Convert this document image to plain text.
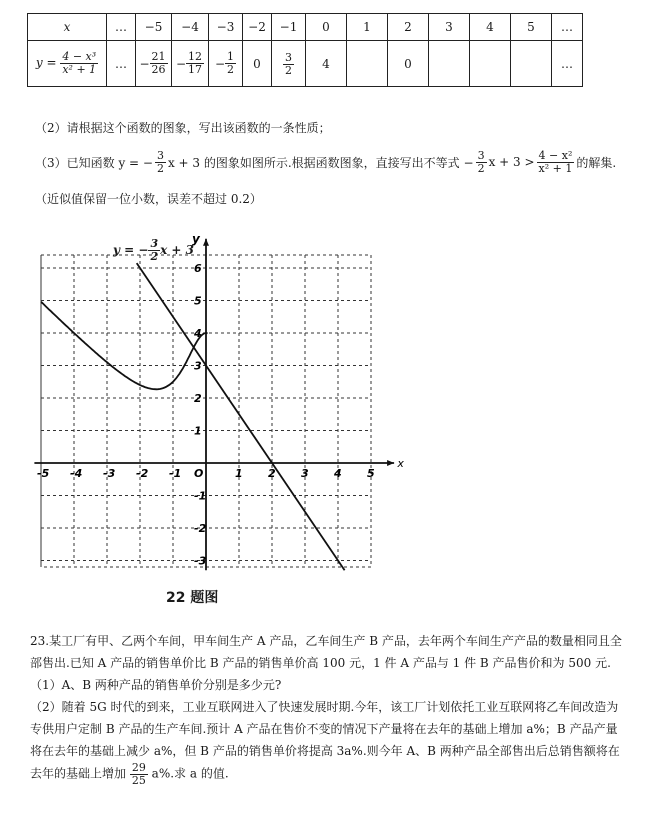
x	…	−5	−4	−3	−2	−1	0	1	2	3	4	5	…
$y = \frac{\text{4 − x³}}{\text{x² + 1}}$	…	− $\frac{21}{26}$	− $\frac{12}{17}$	− $\frac{1}{2}$	0	$\frac{3}{2}$	4		0				…
（2）请根据这个函数的图象，写出该函数的一条性质；
（3）已知函数 y = − $\frac{3}{2}$ x + 3 的图象如图所示.根据函数图象，直接写出不等式 − $\frac{3}{2}$ $x + 3 > \frac{\text{4 − x²}}{\text{x² + 1}}$ 的解集.
（近似值保留一位小数，误差不超过 0.2）
-5 -4 -3 -2 -1	1 2 3 4 5
6
5
4
3
2
1
-1
-2
-3
O
x
y
y = − $\frac{3}{2}$ x + 3
22 题图
23.某工厂有甲、乙两个车间，甲车间生产 A 产品，乙车间生产 B 产品，去年两个车间生产产品的数量相同且全部售出.已知 A 产品的销售单价比 B 产品的销售单价高 100 元，1 件 A 产品与 1 件 B 产品售价和为 500 元.
（1）A、B 两种产品的销售单价分别是多少元?
（2）随着 5G 时代的到来，工业互联网进入了快速发展时期.今年，该工厂计划依托工业互联网将乙车间改造为专供用户定制 B 产品的生产车间.预计 A 产品在售价不变的情况下产量将在去年的基础上增加 a%；B 产品产量将在去年的基础上减少 a%，但 B 产品的销售单价将提高 3a%.则今年 A、B 两种产品全部售出后总销售额将在去年的基础上增加 $\frac{29}{25} a\%$.求 a 的值.
